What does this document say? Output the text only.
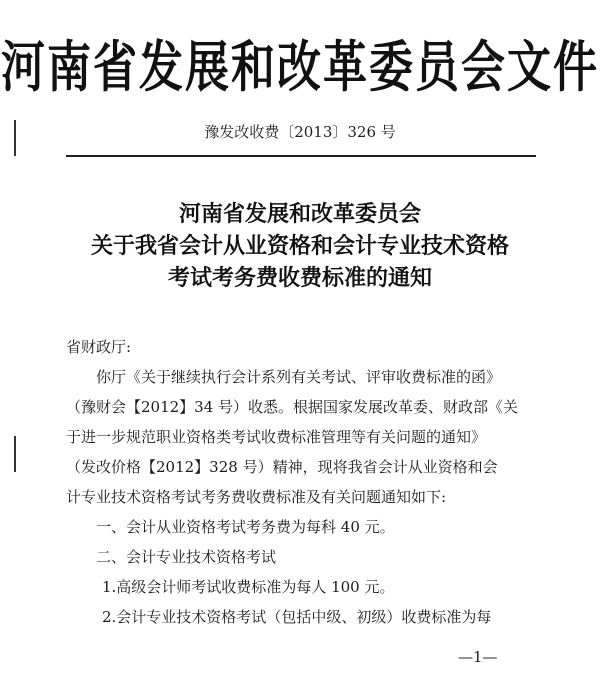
河南省发展和改革委员会文件
豫发改收费〔2013〕326 号
河南省发展和改革委员会
关于我省会计从业资格和会计专业技术资格
考试考务费收费标准的通知
省财政厅:
你厅《关于继续执行会计系列有关考试、评审收费标准的函》
（豫财会【2012】34 号）收悉。根据国家发展改革委、财政部《关
于进一步规范职业资格类考试收费标准管理等有关问题的通知》
（发改价格【2012】328 号）精神，现将我省会计从业资格和会
计专业技术资格考试考务费收费标准及有关问题通知如下:
一、会计从业资格考试考务费为每科 40 元。
二、会计专业技术资格考试
1.高级会计师考试收费标准为每人 100 元。
2.会计专业技术资格考试（包括中级、初级）收费标准为每
—1—
